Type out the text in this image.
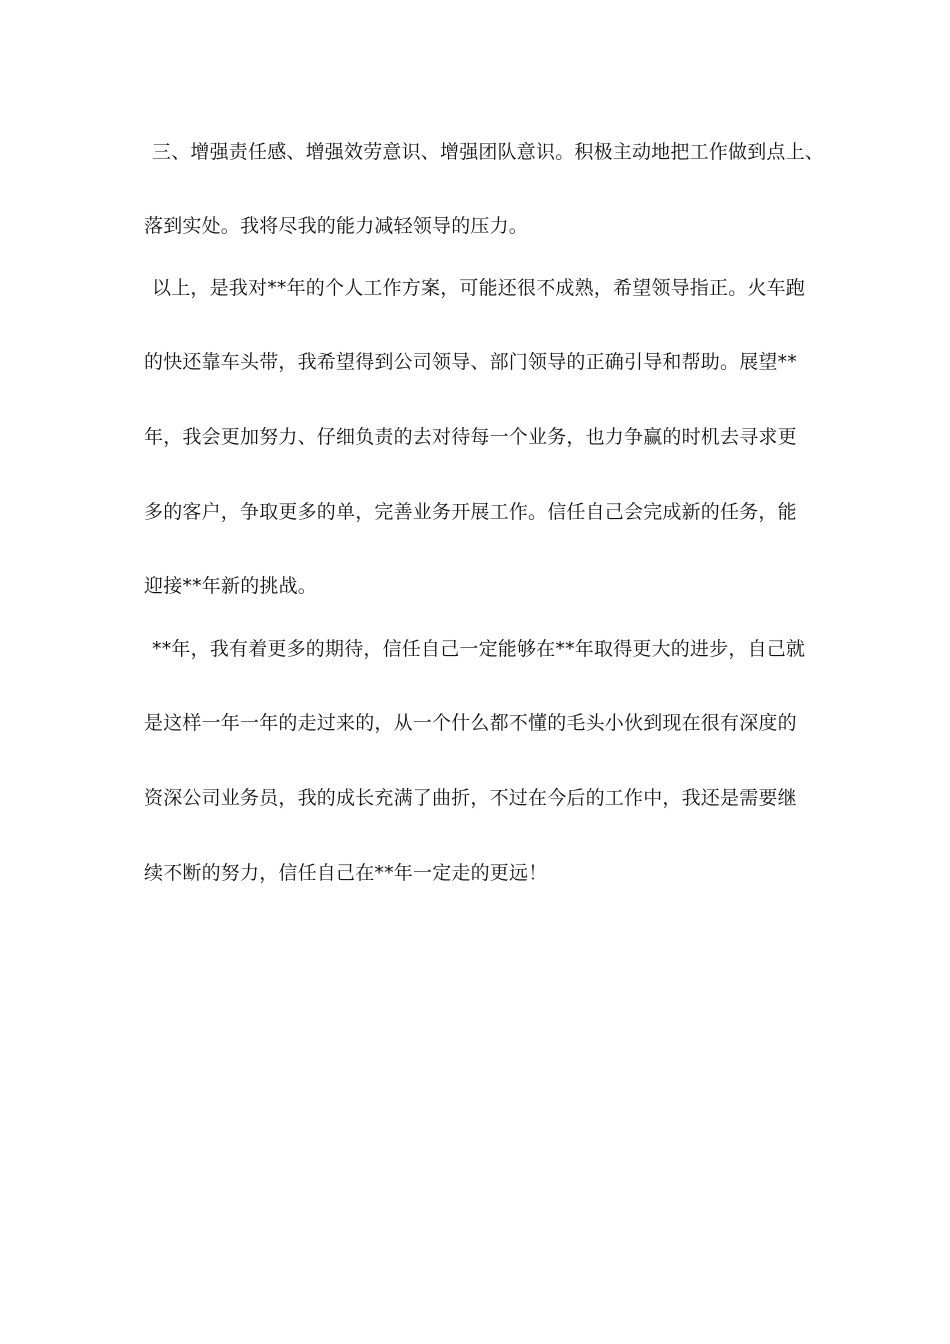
三、增强责任感、增强效劳意识、增强团队意识。积极主动地把工作做到点上、
落到实处。我将尽我的能力减轻领导的压力。
以上，是我对**年的个人工作方案，可能还很不成熟，希望领导指正。火车跑
的快还靠车头带，我希望得到公司领导、部门领导的正确引导和帮助。展望**
年，我会更加努力、仔细负责的去对待每一个业务，也力争赢的时机去寻求更
多的客户，争取更多的单，完善业务开展工作。信任自己会完成新的任务，能
迎接**年新的挑战。
**年，我有着更多的期待，信任自己一定能够在**年取得更大的进步，自己就
是这样一年一年的走过来的，从一个什么都不懂的毛头小伙到现在很有深度的
资深公司业务员，我的成长充满了曲折，不过在今后的工作中，我还是需要继
续不断的努力，信任自己在**年一定走的更远！
